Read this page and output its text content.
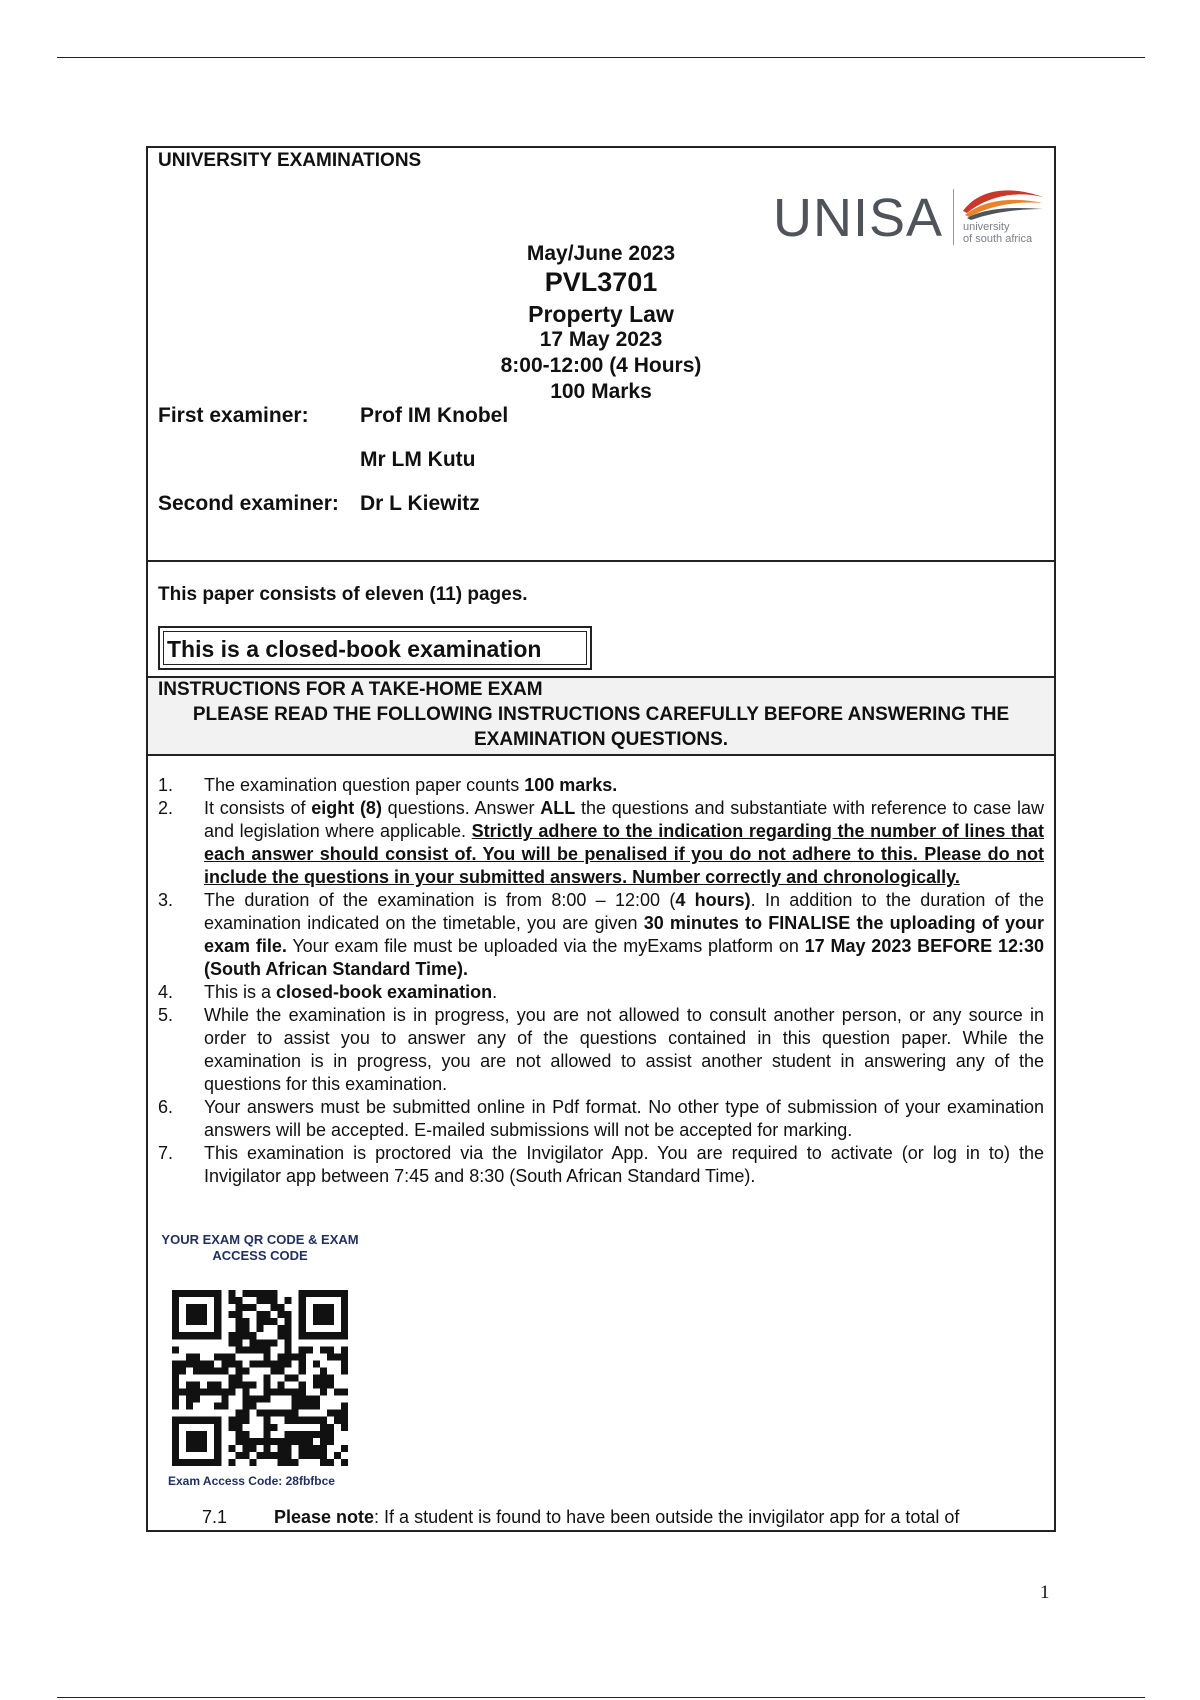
UNIVERSITY EXAMINATIONS
UNISA university
of south africa
May/June 2023
PVL3701
Property Law
17 May 2023
8:00-12:00 (4 Hours)
100 Marks
First examiner: Prof IM Knobel
Mr LM Kutu
Second examiner: Dr L Kiewitz
This paper consists of eleven (11) pages.
This is a closed-book examination
INSTRUCTIONS FOR A TAKE-HOME EXAM
PLEASE READ THE FOLLOWING INSTRUCTIONS CAREFULLY BEFORE ANSWERING THE EXAMINATION QUESTIONS.

1. The examination question paper counts 100 marks.

2. It consists of eight (8) questions. Answer ALL the questions and substantiate with reference to case law and legislation where applicable. Strictly adhere to the indication regarding the number of lines that each answer should consist of. You will be penalised if you do not adhere to this. Please do not include the questions in your submitted answers. Number correctly and chronologically.

3. The duration of the examination is from 8:00 – 12:00 (4 hours). In addition to the duration of the examination indicated on the timetable, you are given 30 minutes to FINALISE the uploading of your exam file. Your exam file must be uploaded via the myExams platform on 17 May 2023 BEFORE 12:30 (South African Standard Time).

4. This is a closed-book examination.

5. While the examination is in progress, you are not allowed to consult another person, or any source in order to assist you to answer any of the questions contained in this question paper. While the examination is in progress, you are not allowed to assist another student in answering any of the questions for this examination.

6. Your answers must be submitted online in Pdf format. No other type of submission of your examination answers will be accepted. E-mailed submissions will not be accepted for marking.

7. This examination is proctored via the Invigilator App. You are required to activate (or log in to) the Invigilator app between 7:45 and 8:30 (South African Standard Time).

YOUR EXAM QR CODE & EXAM ACCESS CODE
Exam Access Code: 28fbfbce
7.1	Please note: If a student is found to have been outside the invigilator app for a total of
1
